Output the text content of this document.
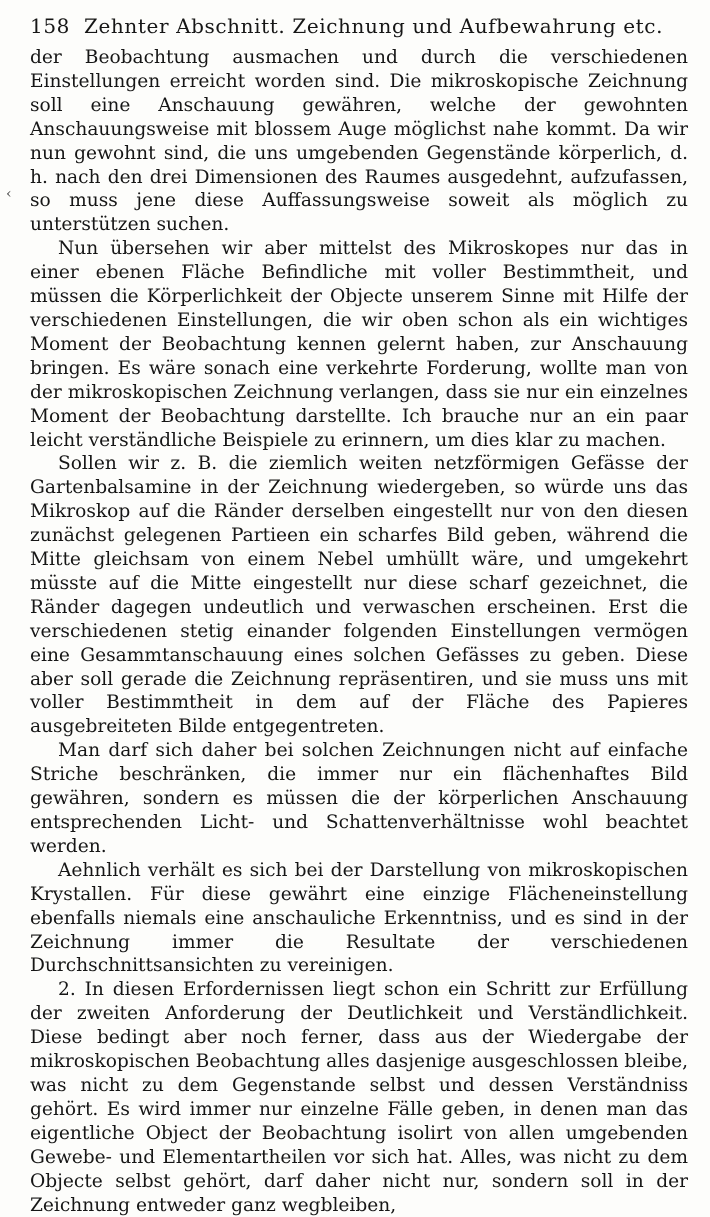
158 Zehnter Abschnitt. Zeichnung und Aufbewahrung etc.
‹

der Beobachtung ausmachen und durch die verschiedenen Einstellungen erreicht worden sind. Die mikroskopische Zeichnung soll eine Anschauung gewähren, welche der gewohnten Anschauungsweise mit blossem Auge möglichst nahe kommt. Da wir nun gewohnt sind, die uns umgebenden Gegenstände körperlich, d. h. nach den drei Dimensionen des Raumes ausgedehnt, aufzufassen, so muss jene diese Auffassungsweise soweit als möglich zu unterstützen suchen.

Nun übersehen wir aber mittelst des Mikroskopes nur das in einer ebenen Fläche Befindliche mit voller Bestimmtheit, und müssen die Körperlichkeit der Objecte unserem Sinne mit Hilfe der verschiedenen Einstellungen, die wir oben schon als ein wichtiges Moment der Beobachtung kennen gelernt haben, zur Anschauung bringen. Es wäre sonach eine verkehrte Forderung, wollte man von der mikroskopischen Zeichnung verlangen, dass sie nur ein einzelnes Moment der Beobachtung darstellte. Ich brauche nur an ein paar leicht verständliche Beispiele zu erinnern, um dies klar zu machen.

Sollen wir z. B. die ziemlich weiten netzförmigen Gefässe der Gartenbalsamine in der Zeichnung wiedergeben, so würde uns das Mikroskop auf die Ränder derselben eingestellt nur von den diesen zunächst gelegenen Partieen ein scharfes Bild geben, während die Mitte gleichsam von einem Nebel umhüllt wäre, und umgekehrt müsste auf die Mitte eingestellt nur diese scharf gezeichnet, die Ränder dagegen undeutlich und verwaschen erscheinen. Erst die verschiedenen stetig einander folgenden Einstellungen vermögen eine Gesammtanschauung eines solchen Gefässes zu geben. Diese aber soll gerade die Zeichnung repräsentiren, und sie muss uns mit voller Bestimmtheit in dem auf der Fläche des Papieres ausgebreiteten Bilde entgegentreten.

Man darf sich daher bei solchen Zeichnungen nicht auf einfache Striche beschränken, die immer nur ein flächenhaftes Bild gewähren, sondern es müssen die der körperlichen Anschauung entsprechenden Licht- und Schattenverhältnisse wohl beachtet werden.

Aehnlich verhält es sich bei der Darstellung von mikroskopischen Krystallen. Für diese gewährt eine einzige Flächeneinstellung ebenfalls niemals eine anschauliche Erkenntniss, und es sind in der Zeichnung immer die Resultate der verschiedenen Durchschnittsansichten zu vereinigen.

2. In diesen Erfordernissen liegt schon ein Schritt zur Erfüllung der zweiten Anforderung der Deutlichkeit und Verständlichkeit. Diese bedingt aber noch ferner, dass aus der Wiedergabe der mikroskopischen Beobachtung alles dasjenige ausgeschlossen bleibe, was nicht zu dem Gegenstande selbst und dessen Verständniss gehört. Es wird immer nur einzelne Fälle geben, in denen man das eigentliche Object der Beobachtung isolirt von allen umgebenden Gewebe- und Elementartheilen vor sich hat. Alles, was nicht zu dem Objecte selbst gehört, darf daher nicht nur, sondern soll in der Zeichnung entweder ganz wegbleiben,
